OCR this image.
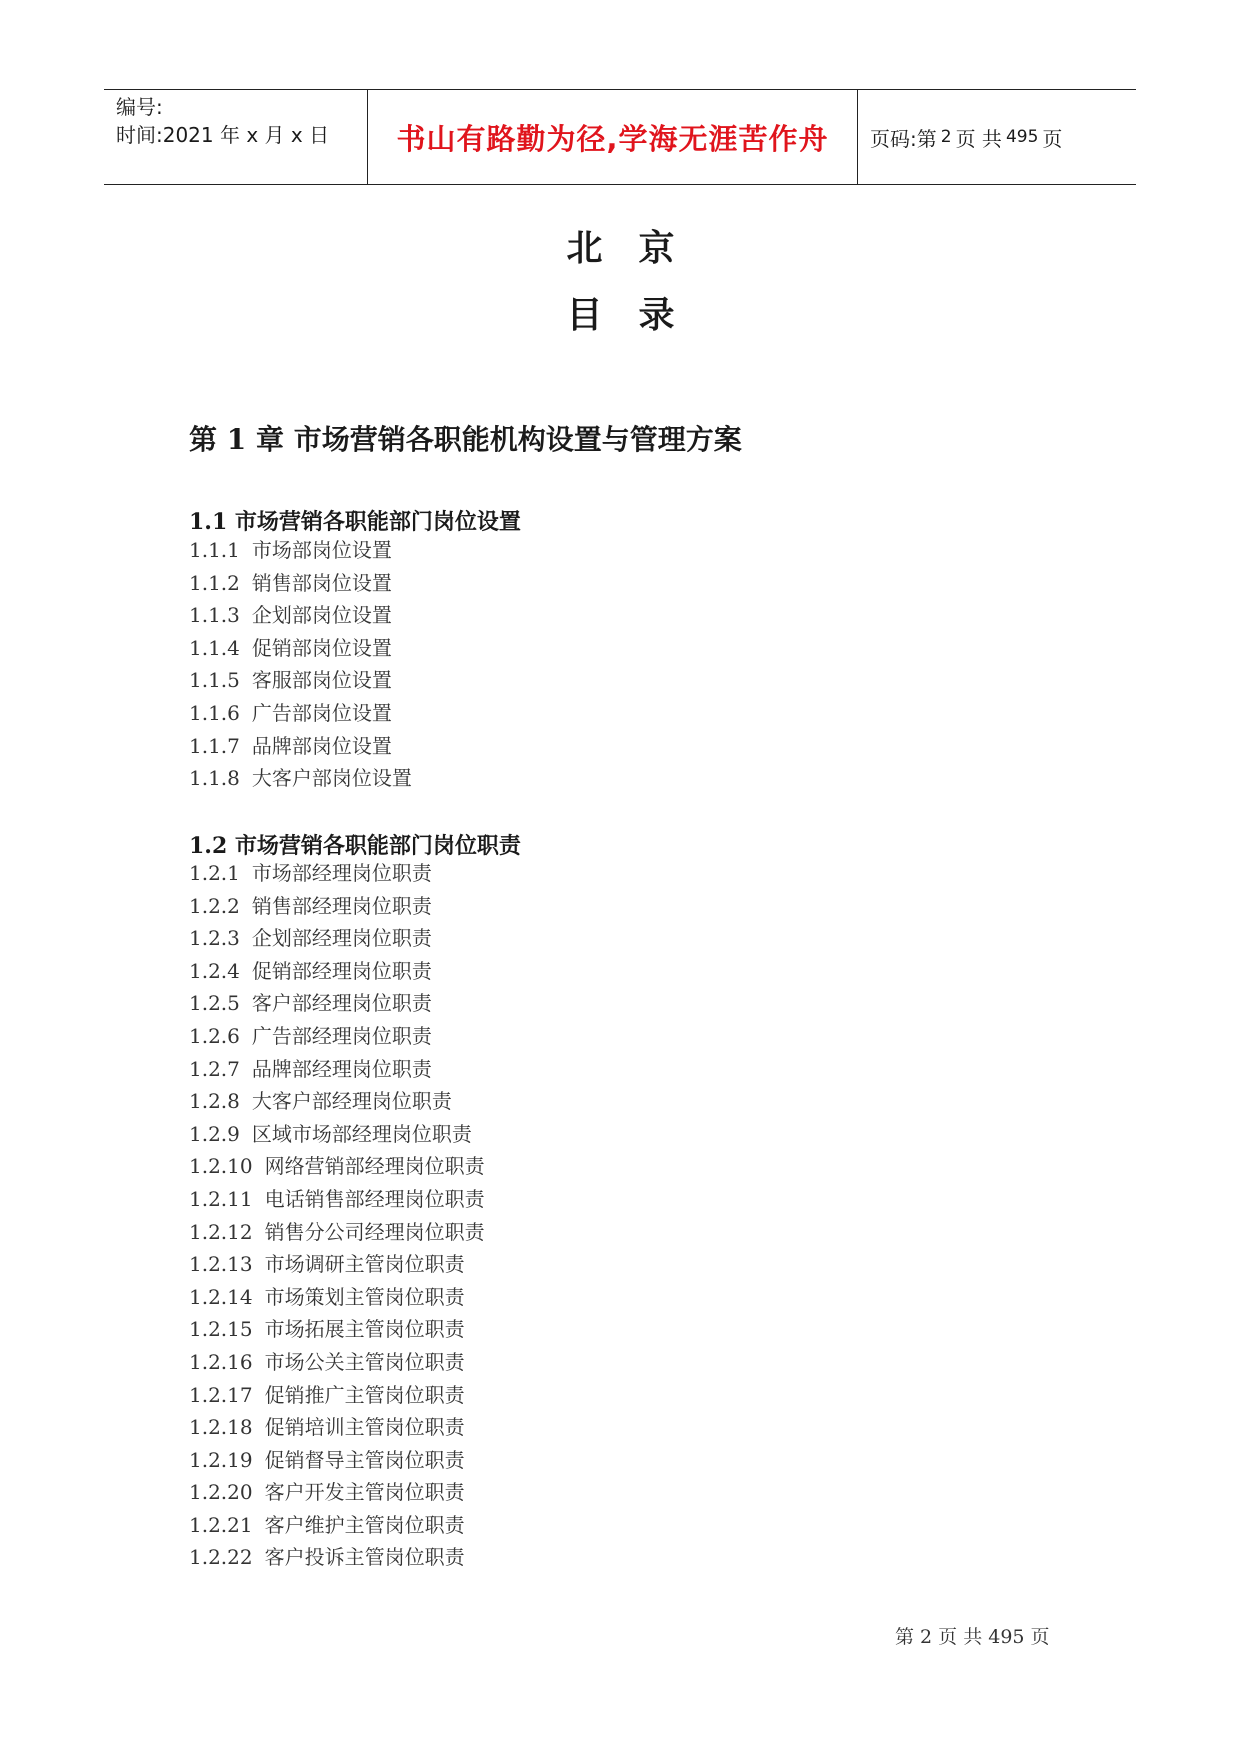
编号:
时间:2021 年 x 月 x 日	书山有路勤为径,学海无涯苦作舟	页码:第 2 页 共 495 页
北京
目录
第 1 章 市场营销各职能机构设置与管理方案
1.1 市场营销各职能部门岗位设置
1.1.1 市场部岗位设置
1.1.2 销售部岗位设置
1.1.3 企划部岗位设置
1.1.4 促销部岗位设置
1.1.5 客服部岗位设置
1.1.6 广告部岗位设置
1.1.7 品牌部岗位设置
1.1.8 大客户部岗位设置
1.2 市场营销各职能部门岗位职责
1.2.1 市场部经理岗位职责
1.2.2 销售部经理岗位职责
1.2.3 企划部经理岗位职责
1.2.4 促销部经理岗位职责
1.2.5 客户部经理岗位职责
1.2.6 广告部经理岗位职责
1.2.7 品牌部经理岗位职责
1.2.8 大客户部经理岗位职责
1.2.9 区域市场部经理岗位职责
1.2.10 网络营销部经理岗位职责
1.2.11 电话销售部经理岗位职责
1.2.12 销售分公司经理岗位职责
1.2.13 市场调研主管岗位职责
1.2.14 市场策划主管岗位职责
1.2.15 市场拓展主管岗位职责
1.2.16 市场公关主管岗位职责
1.2.17 促销推广主管岗位职责
1.2.18 促销培训主管岗位职责
1.2.19 促销督导主管岗位职责
1.2.20 客户开发主管岗位职责
1.2.21 客户维护主管岗位职责
1.2.22 客户投诉主管岗位职责
第 2 页 共 495 页
